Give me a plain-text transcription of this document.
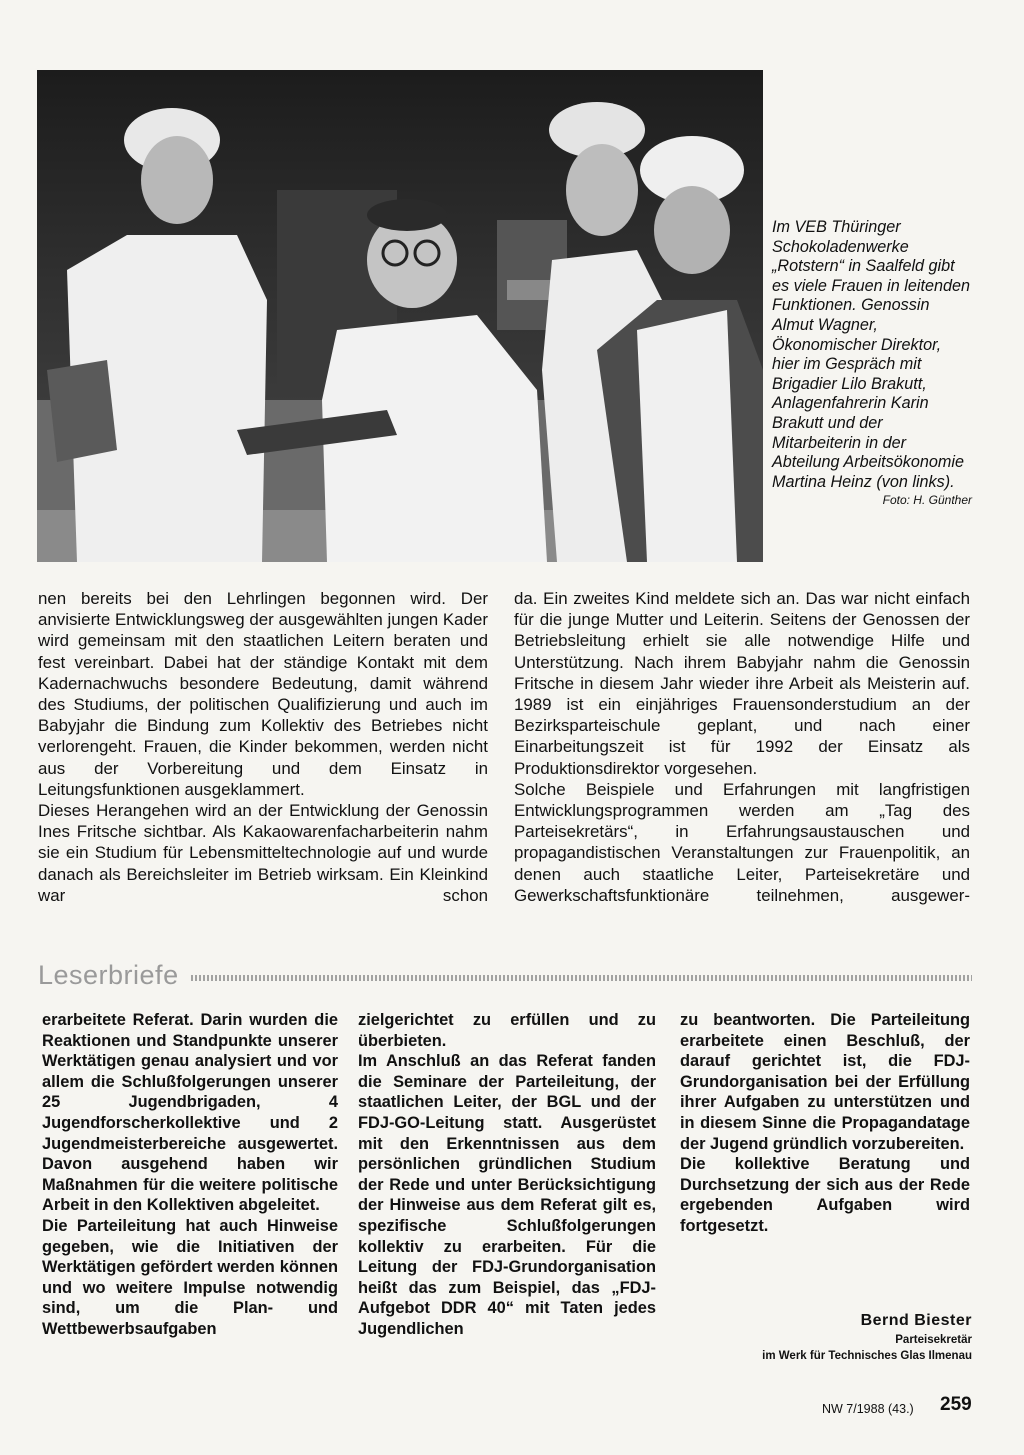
Im VEB Thüringer Schokoladenwerke „Rotstern“ in Saalfeld gibt es viele Frauen in leitenden Funktionen. Genossin Almut Wagner, Ökonomischer Direktor, hier im Gespräch mit Brigadier Lilo Brakutt, Anlagenfahrerin Karin Brakutt und der Mitarbeiterin in der Abteilung Arbeitsökonomie Martina Heinz (von links).
Foto: H. Günther

nen bereits bei den Lehrlingen begonnen wird. Der anvisierte Entwicklungsweg der ausgewählten jungen Kader wird gemeinsam mit den staatlichen Leitern beraten und fest vereinbart. Dabei hat der ständige Kontakt mit dem Kadernachwuchs besondere Bedeutung, damit während des Studiums, der politischen Qualifizierung und auch im Babyjahr die Bindung zum Kollektiv des Betriebes nicht verlorengeht. Frauen, die Kinder bekommen, werden nicht aus der Vorbereitung und dem Einsatz in Leitungsfunktionen ausgeklammert.

Dieses Herangehen wird an der Entwicklung der Genossin Ines Fritsche sichtbar. Als Kakaowarenfacharbeiterin nahm sie ein Studium für Lebensmitteltechnologie auf und wurde danach als Bereichsleiter im Betrieb wirksam. Ein Kleinkind war schon

da. Ein zweites Kind meldete sich an. Das war nicht einfach für die junge Mutter und Leiterin. Seitens der Genossen der Betriebsleitung erhielt sie alle notwendige Hilfe und Unterstützung. Nach ihrem Babyjahr nahm die Genossin Fritsche in diesem Jahr wieder ihre Arbeit als Meisterin auf. 1989 ist ein einjähriges Frauensonderstudium an der Bezirksparteischule geplant, und nach einer Einarbeitungszeit ist für 1992 der Einsatz als Produktionsdirektor vorgesehen.

Solche Beispiele und Erfahrungen mit langfristigen Entwicklungsprogrammen werden am „Tag des Parteisekretärs“, in Erfahrungsaustauschen und propagandistischen Veranstaltungen zur Frauenpolitik, an denen auch staatliche Leiter, Parteisekretäre und Gewerkschaftsfunktionäre teilnehmen, ausgewer-

Leserbriefe

erarbeitete Referat. Darin wurden die Reaktionen und Standpunkte unserer Werktätigen genau analysiert und vor allem die Schlußfolgerungen unserer 25 Jugendbrigaden, 4 Jugendforscherkollektive und 2 Jugendmeisterbereiche ausgewertet. Davon ausgehend haben wir Maßnahmen für die weitere politische Arbeit in den Kollektiven abgeleitet.

Die Parteileitung hat auch Hinweise gegeben, wie die Initiativen der Werktätigen gefördert werden können und wo weitere Impulse notwendig sind, um die Plan- und Wettbewerbsaufgaben

zielgerichtet zu erfüllen und zu überbieten.

Im Anschluß an das Referat fanden die Seminare der Parteileitung, der staatlichen Leiter, der BGL und der FDJ-GO-Leitung statt. Ausgerüstet mit den Erkenntnissen aus dem persönlichen gründlichen Studium der Rede und unter Berücksichtigung der Hinweise aus dem Referat gilt es, spezifische Schlußfolgerungen kollektiv zu erarbeiten. Für die Leitung der FDJ-Grundorganisation heißt das zum Beispiel, das „FDJ-Aufgebot DDR 40“ mit Taten jedes Jugendlichen

zu beantworten. Die Parteileitung erarbeitete einen Beschluß, der darauf gerichtet ist, die FDJ-Grundorganisation bei der Erfüllung ihrer Aufgaben zu unterstützen und in diesem Sinne die Propagandatage der Jugend gründlich vorzubereiten.

Die kollektive Beratung und Durchsetzung der sich aus der Rede ergebenden Aufgaben wird fortgesetzt.

Bernd Biester
Parteisekretär
im Werk für Technisches Glas Ilmenau
NW 7/1988 (43.) 259
